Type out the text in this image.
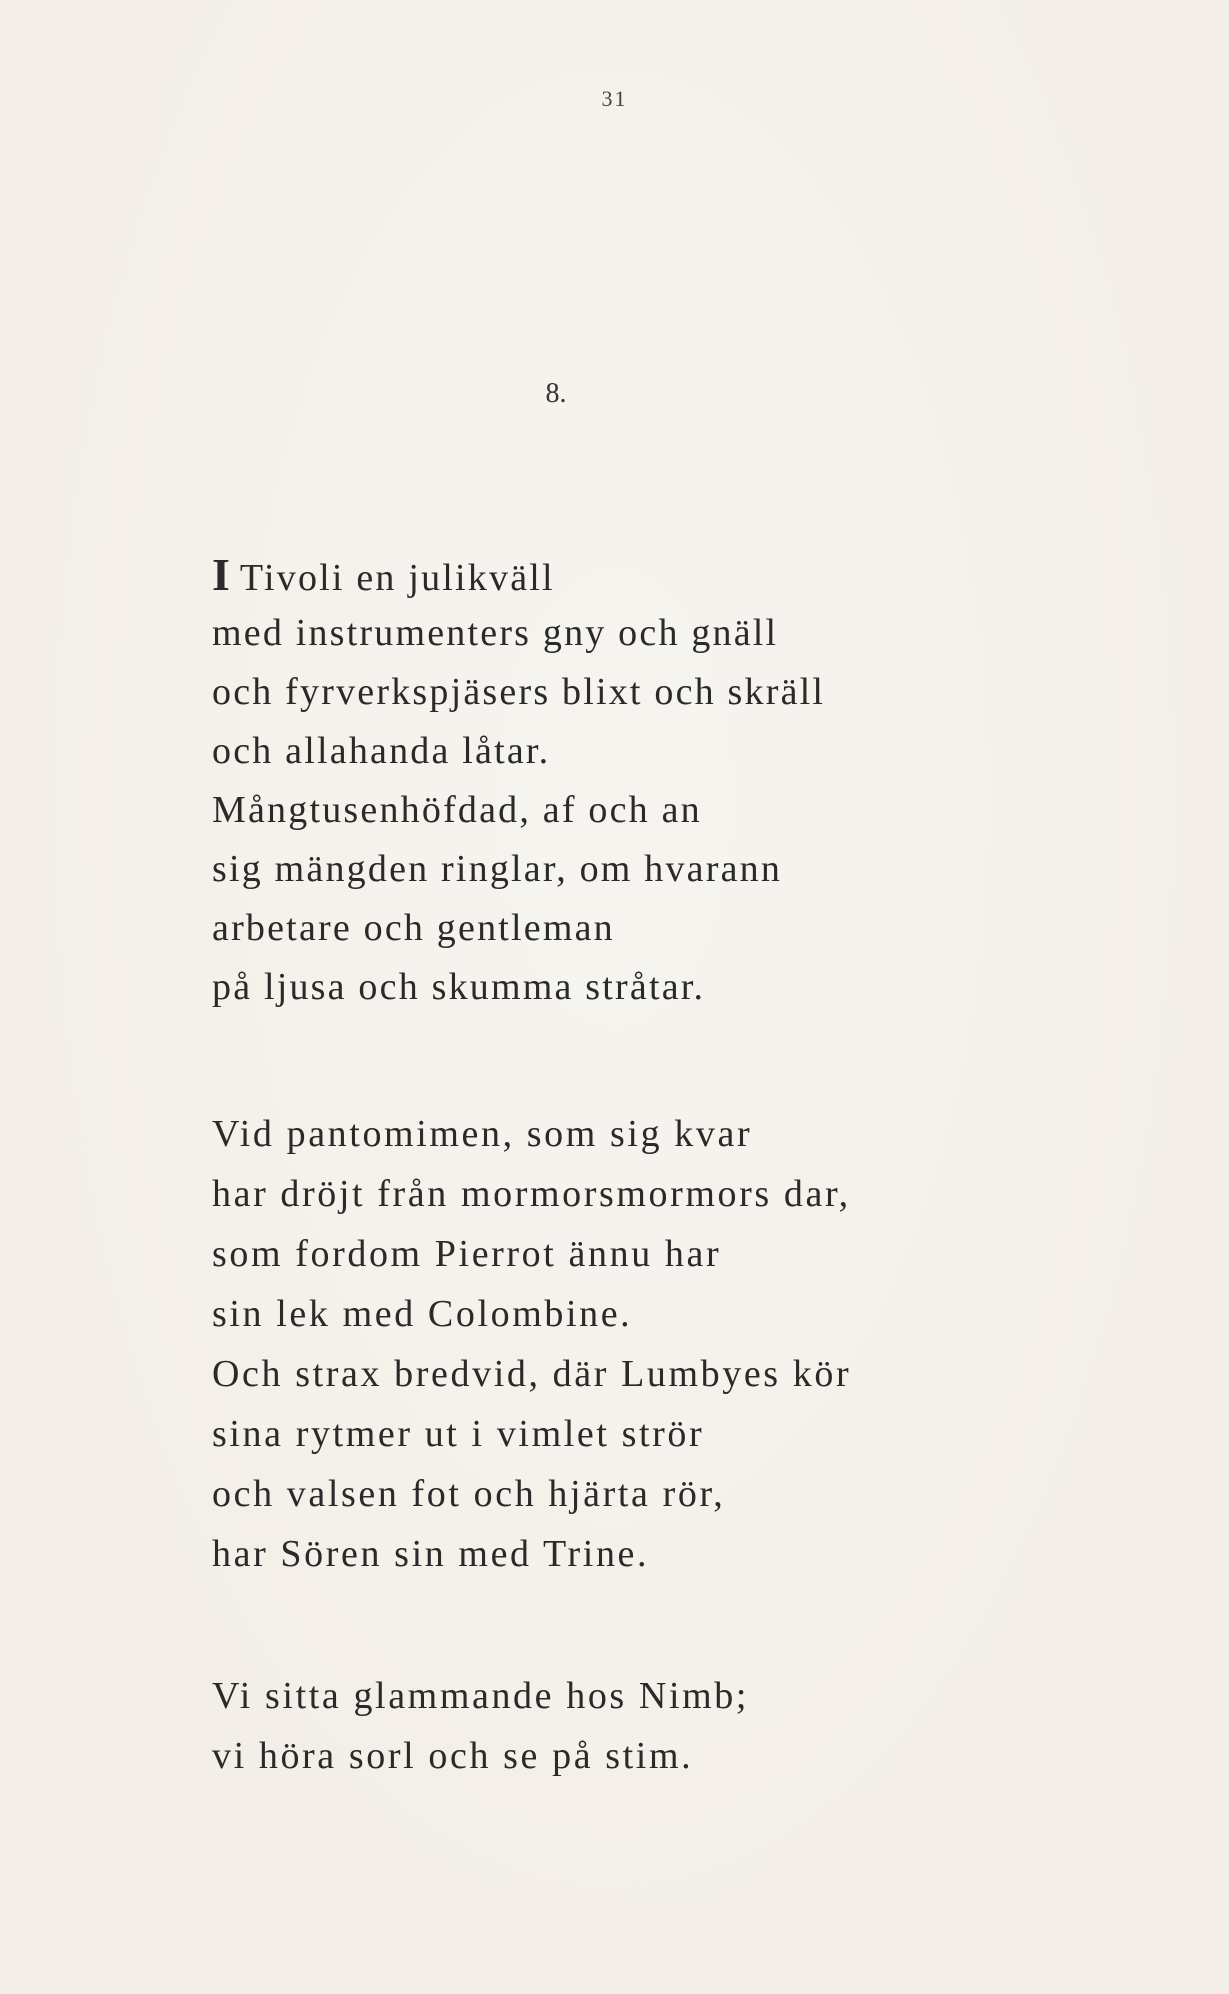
31
8.
ITivoli en julikväll
med instrumenters gny och gnäll
och fyrverkspjäsers blixt och skräll
och allahanda låtar.
Mångtusenhöfdad, af och an
sig mängden ringlar, om hvarann
arbetare och gentleman
på ljusa och skumma stråtar.
Vid pantomimen, som sig kvar
har dröjt från mormorsmormors dar,
som fordom Pierrot ännu har
sin lek med Colombine.
Och strax bredvid, där Lumbyes kör
sina rytmer ut i vimlet strör
och valsen fot och hjärta rör,
har Sören sin med Trine.
Vi sitta glammande hos Nimb;
vi höra sorl och se på stim.
